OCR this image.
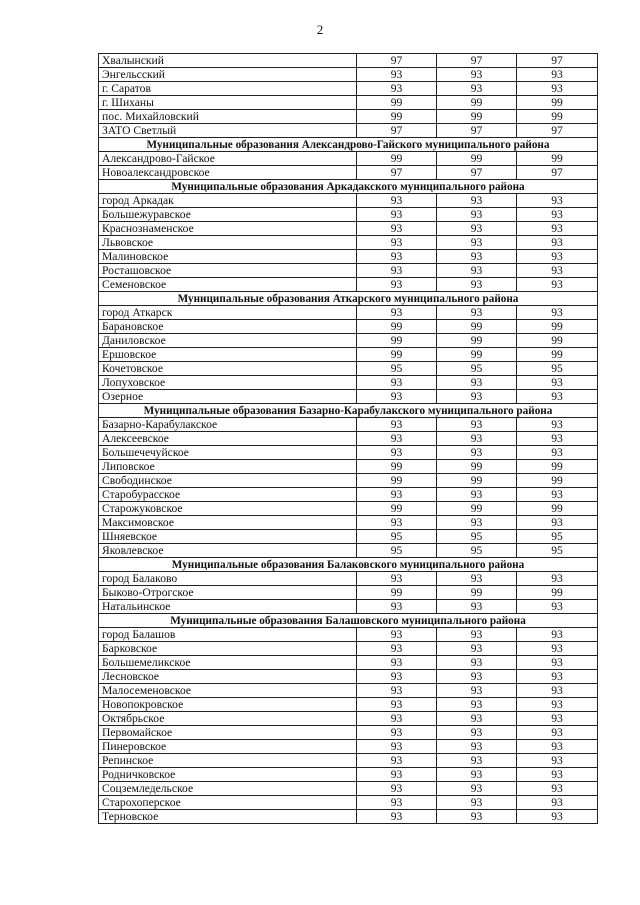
2
Хвалынский	97	97	97
Энгельсский	93	93	93
г. Саратов	93	93	93
г. Шиханы	99	99	99
пос. Михайловский	99	99	99
ЗАТО Светлый	97	97	97
Муниципальные образования Александрово-Гайского муниципального района			
Александрово-Гайское	99	99	99
Новоалександровское	97	97	97
Муниципальные образования Аркадакского муниципального района			
город Аркадак	93	93	93
Большежуравское	93	93	93
Краснознаменское	93	93	93
Львовское	93	93	93
Малиновское	93	93	93
Росташовское	93	93	93
Семеновское	93	93	93
Муниципальные образования Аткарского муниципального района			
город Аткарск	93	93	93
Барановское	99	99	99
Даниловское	99	99	99
Ершовское	99	99	99
Кочетовское	95	95	95
Лопуховское	93	93	93
Озерное	93	93	93
Муниципальные образования Базарно-Карабулакского муниципального района			
Базарно-Карабулакское	93	93	93
Алексеевское	93	93	93
Большечечуйское	93	93	93
Липовское	99	99	99
Свободинское	99	99	99
Старобурасское	93	93	93
Старожуковское	99	99	99
Максимовское	93	93	93
Шняевское	95	95	95
Яковлевское	95	95	95
Муниципальные образования Балаковского муниципального района			
город Балаково	93	93	93
Быково-Отрогское	99	99	99
Натальинское	93	93	93
Муниципальные образования Балашовского муниципального района			
город Балашов	93	93	93
Барковское	93	93	93
Большемеликское	93	93	93
Лесновское	93	93	93
Малосеменовское	93	93	93
Новопокровское	93	93	93
Октябрьское	93	93	93
Первомайское	93	93	93
Пинеровское	93	93	93
Репинское	93	93	93
Родничковское	93	93	93
Соцземледельское	93	93	93
Старохоперское	93	93	93
Терновское	93	93	93
